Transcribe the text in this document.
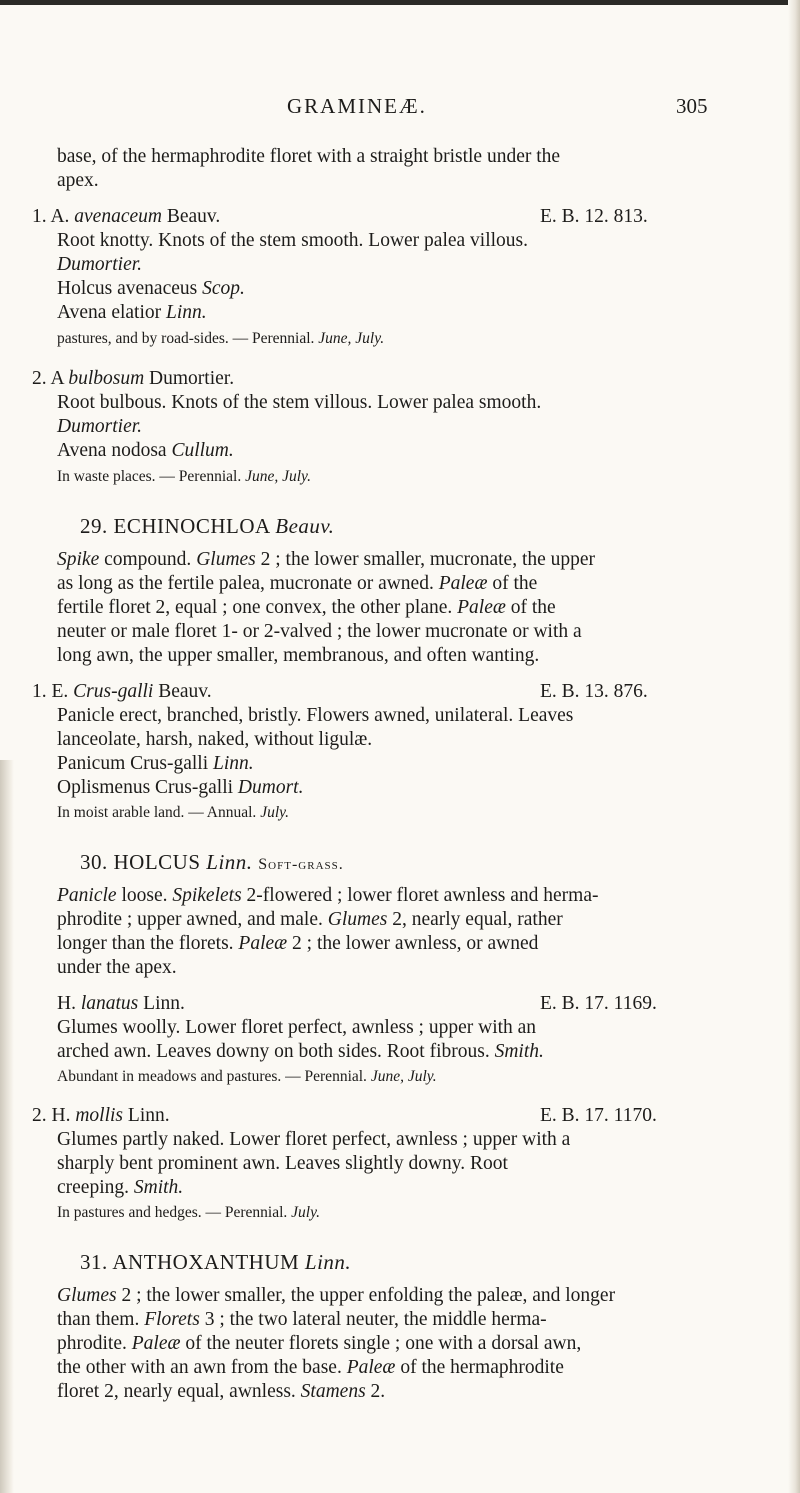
GRAMINEÆ.	305
base, of the hermaphrodite floret with a straight bristle under the
apex.
1. A. avenaceum Beauv.	E. B. 12. 813.
Root knotty. Knots of the stem smooth. Lower palea villous.
Dumortier.
Holcus avenaceus Scop.
Avena elatior Linn.
pastures, and by road-sides. — Perennial. June, July.
2. A bulbosum Dumortier.
Root bulbous. Knots of the stem villous. Lower palea smooth.
Dumortier.
Avena nodosa Cullum.
In waste places. — Perennial. June, July.
29. ECHINOCHLOA Beauv.
Spike compound. Glumes 2 ; the lower smaller, mucronate, the upper
as long as the fertile palea, mucronate or awned. Paleæ of the
fertile floret 2, equal ; one convex, the other plane. Paleæ of the
neuter or male floret 1- or 2-valved ; the lower mucronate or with a
long awn, the upper smaller, membranous, and often wanting.
1. E. Crus-galli Beauv.	E. B. 13. 876.
Panicle erect, branched, bristly. Flowers awned, unilateral. Leaves
lanceolate, harsh, naked, without ligulæ.
Panicum Crus-galli Linn.
Oplismenus Crus-galli Dumort.
In moist arable land. — Annual. July.
30. HOLCUS Linn. Soft-grass.
Panicle loose. Spikelets 2-flowered ; lower floret awnless and herma-
phrodite ; upper awned, and male. Glumes 2, nearly equal, rather
longer than the florets. Paleæ 2 ; the lower awnless, or awned
under the apex.
H. lanatus Linn.	E. B. 17. 1169.
Glumes woolly. Lower floret perfect, awnless ; upper with an
arched awn. Leaves downy on both sides. Root fibrous. Smith.
Abundant in meadows and pastures. — Perennial. June, July.
2. H. mollis Linn.	E. B. 17. 1170.
Glumes partly naked. Lower floret perfect, awnless ; upper with a
sharply bent prominent awn. Leaves slightly downy. Root
creeping. Smith.
In pastures and hedges. — Perennial. July.
31. ANTHOXANTHUM Linn.
Glumes 2 ; the lower smaller, the upper enfolding the paleæ, and longer
than them. Florets 3 ; the two lateral neuter, the middle herma-
phrodite. Paleæ of the neuter florets single ; one with a dorsal awn,
the other with an awn from the base. Paleæ of the hermaphrodite
floret 2, nearly equal, awnless. Stamens 2.
